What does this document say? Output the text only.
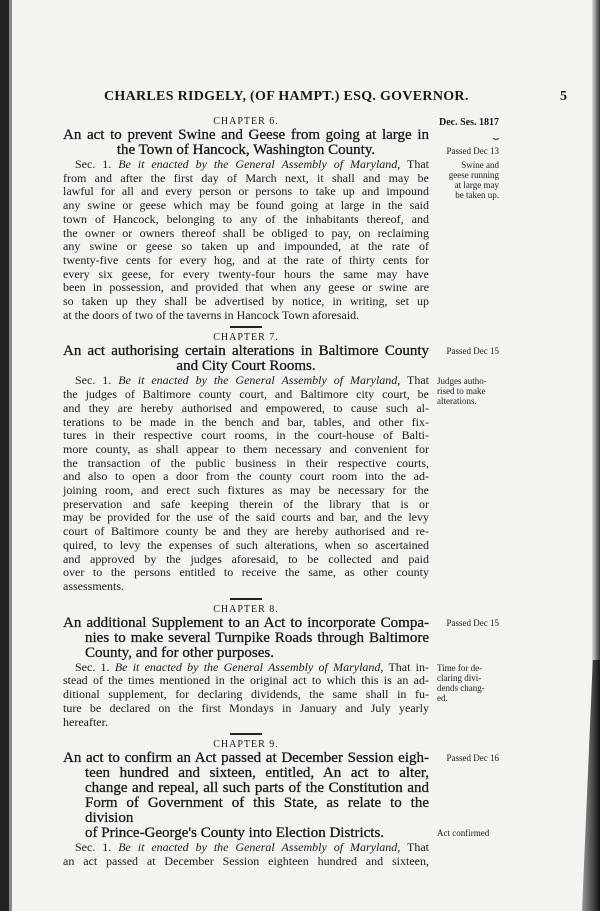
CHARLES RIDGELY, (OF HAMPT.) ESQ. GOVERNOR.	5
CHAPTER 6.
An act to prevent Swine and Geese from going at large in
the Town of Hancock, Washington County.
Sec. 1. Be it enacted by the General Assembly of Maryland, That
from and after the first day of March next, it shall and may be
lawful for all and every person or persons to take up and impound
any swine or geese which may be found going at large in the said
town of Hancock, belonging to any of the inhabitants thereof, and
the owner or owners thereof shall be obliged to pay, on reclaiming
any swine or geese so taken up and impounded, at the rate of
twenty-five cents for every hog, and at the rate of thirty cents for
every six geese, for every twenty-four hours the same may have
been in possession, and provided that when any geese or swine are
so taken up they shall be advertised by notice, in writing, set up
at the doors of two of the taverns in Hancock Town aforesaid.
Dec. Ses. 1817
⏟
Passed Dec 13
Swine and
geese running
at large may
be taken up.
CHAPTER 7.
An act authorising certain alterations in Baltimore County
and City Court Rooms.
Sec. 1. Be it enacted by the General Assembly of Maryland, That
the judges of Baltimore county court, and Baltimore city court, be
and they are hereby authorised and empowered, to cause such al-
terations to be made in the bench and bar, tables, and other fix-
tures in their respective court rooms, in the court-house of Balti-
more county, as shall appear to them necessary and convenient for
the transaction of the public business in their respective courts,
and also to open a door from the county court room into the ad-
joining room, and erect such fixtures as may be necessary for the
preservation and safe keeping therein of the library that is or
may be provided for the use of the said courts and bar, and the levy
court of Baltimore county be and they are hereby authorised and re-
quired, to levy the expenses of such alterations, when so ascertained
and approved by the judges aforesaid, to be collected and paid
over to the persons entitled to receive the same, as other county
assessments.
Passed Dec 15
Judges autho-
rised to make
alterations.
CHAPTER 8.
An additional Supplement to an Act to incorporate Compa-
nies to make several Turnpike Roads through Baltimore
County, and for other purposes.
Sec. 1. Be it enacted by the General Assembly of Maryland, That in-
stead of the times mentioned in the original act to which this is an ad-
ditional supplement, for declaring dividends, the same shall in fu-
ture be declared on the first Mondays in January and July yearly
hereafter.
Passed Dec 15
Time for de-
claring divi-
dends chang-
ed.
CHAPTER 9.
An act to confirm an Act passed at December Session eigh-
teen hundred and sixteen, entitled, An act to alter,
change and repeal, all such parts of the Constitution and
Form of Government of this State, as relate to the division
of Prince-George's County into Election Districts.
Sec. 1. Be it enacted by the General Assembly of Maryland, That
an act passed at December Session eighteen hundred and sixteen,
Passed Dec 16
Act confirmed
